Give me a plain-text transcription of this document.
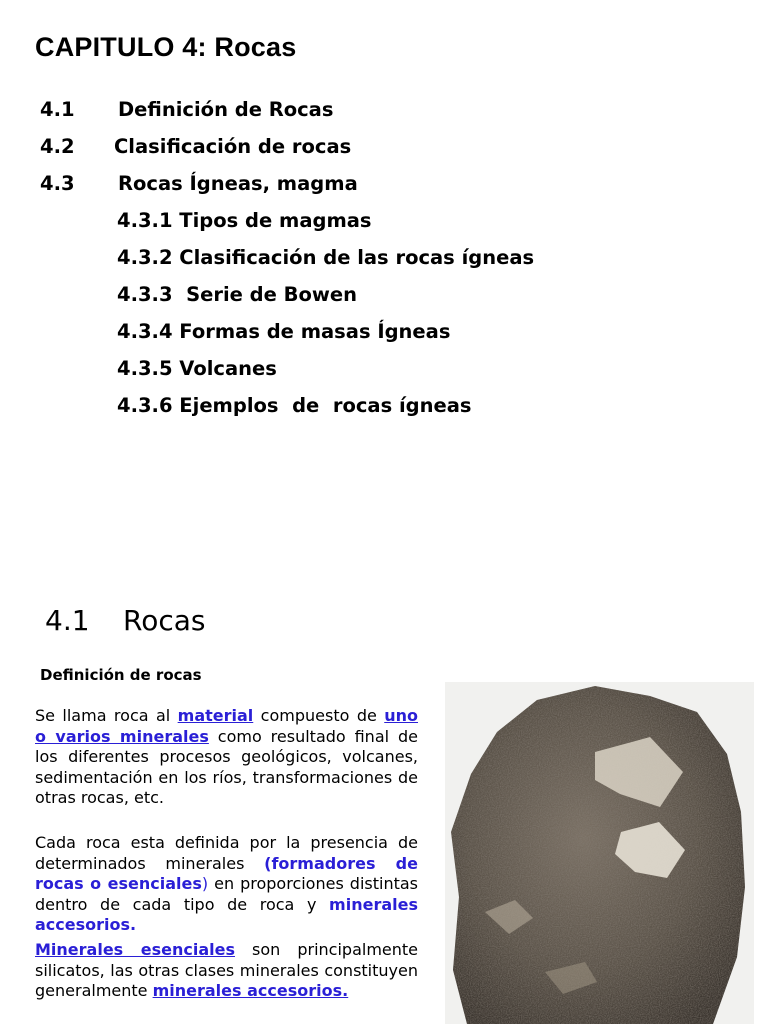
CAPITULO 4: Rocas
4.1 Definición de Rocas
4.2 Clasificación de rocas
4.3 Rocas Ígneas, magma
4.3.1 Tipos de magmas
4.3.2 Clasificación de las rocas ígneas
4.3.3  Serie de Bowen
4.3.4 Formas de masas Ígneas
4.3.5 Volcanes
4.3.6 Ejemplos  de  rocas ígneas
4.1 Rocas
Definición de rocas
Se llama roca al material compuesto de uno o varios minerales como resultado final de los diferentes procesos geológicos, volcanes, sedimentación en los ríos, transformaciones de otras rocas, etc.
Cada roca esta definida por la presencia de determinados minerales (formadores de rocas o esenciales) en proporciones distintas dentro de cada tipo de roca y minerales accesorios.
Minerales esenciales son principalmente silicatos, las otras clases minerales constituyen generalmente minerales accesorios.
